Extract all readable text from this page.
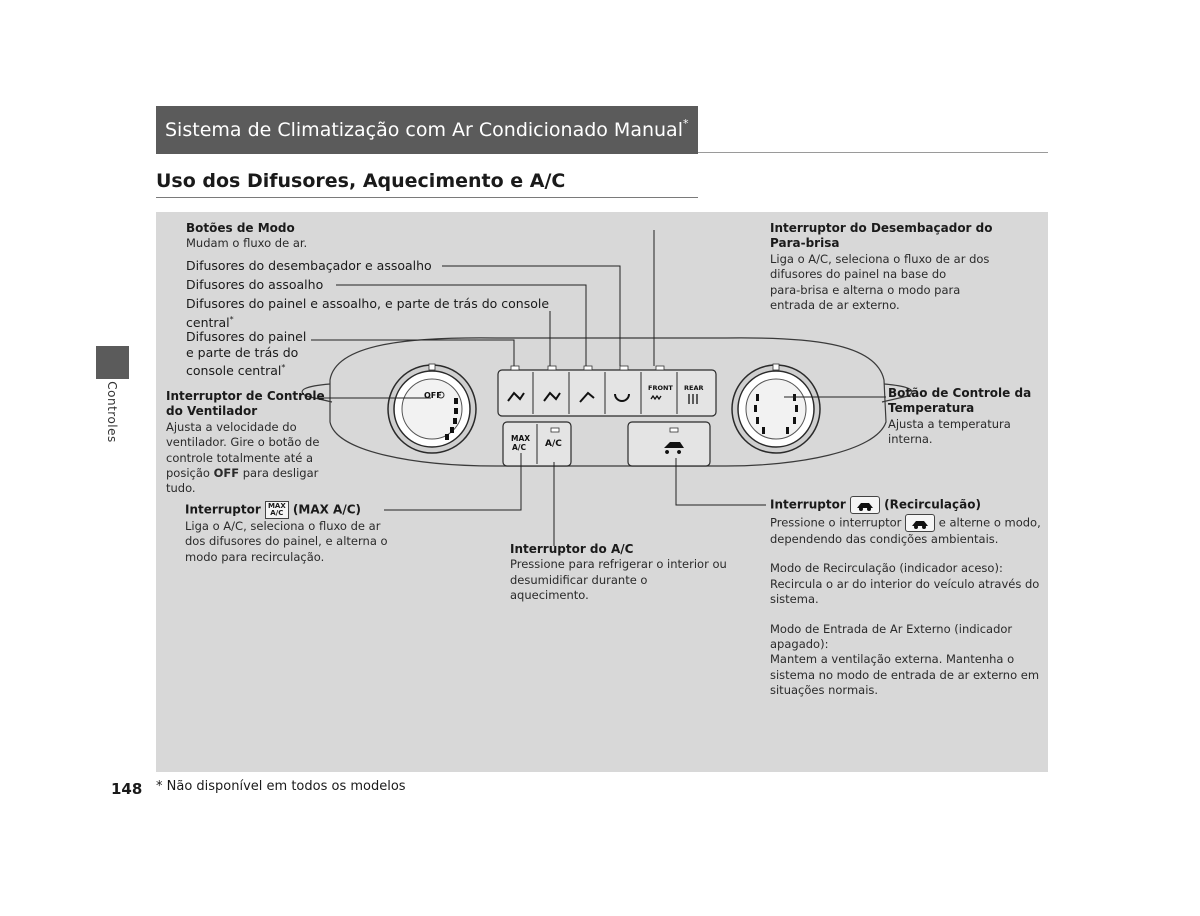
Sistema de Climatização com Ar Condicionado Manual*
Uso dos Difusores, Aquecimento e A/C
Controles	OFF
FRONT REAR
MAX
A/C A/C
Botões de Modo
Mudam o fluxo de ar.
Difusores do desembaçador e assoalho
Difusores do assoalho
Difusores do painel e assoalho, e parte de trás do console
central*
Difusores do painel
e parte de trás do
console central*
Interruptor de Controle
do Ventilador
Ajusta a velocidade do
ventilador. Gire o botão de
controle totalmente até a
posição OFF para desligar
tudo.
Interruptor MAX
A/C (MAX A/C)
Liga o A/C, seleciona o fluxo de ar
dos difusores do painel, e alterna o
modo para recirculação.
Interruptor do A/C
Pressione para refrigerar o interior ou
desumidificar durante o
aquecimento.
Interruptor do Desembaçador do
Para-brisa
Liga o A/C, seleciona o fluxo de ar dos
difusores do painel na base do
para-brisa e alterna o modo para
entrada de ar externo.
Botão de Controle da
Temperatura
Ajusta a temperatura
interna.
Interruptor	(Recirculação)
Pressione o interruptor	e alterne o modo,
dependendo das condições ambientais.
Modo de Recirculação (indicador aceso):
Recircula o ar do interior do veículo através do
sistema.
Modo de Entrada de Ar Externo (indicador
apagado):
Mantem a ventilação externa. Mantenha o
sistema no modo de entrada de ar externo em
situações normais.
148 * Não disponível em todos os modelos
